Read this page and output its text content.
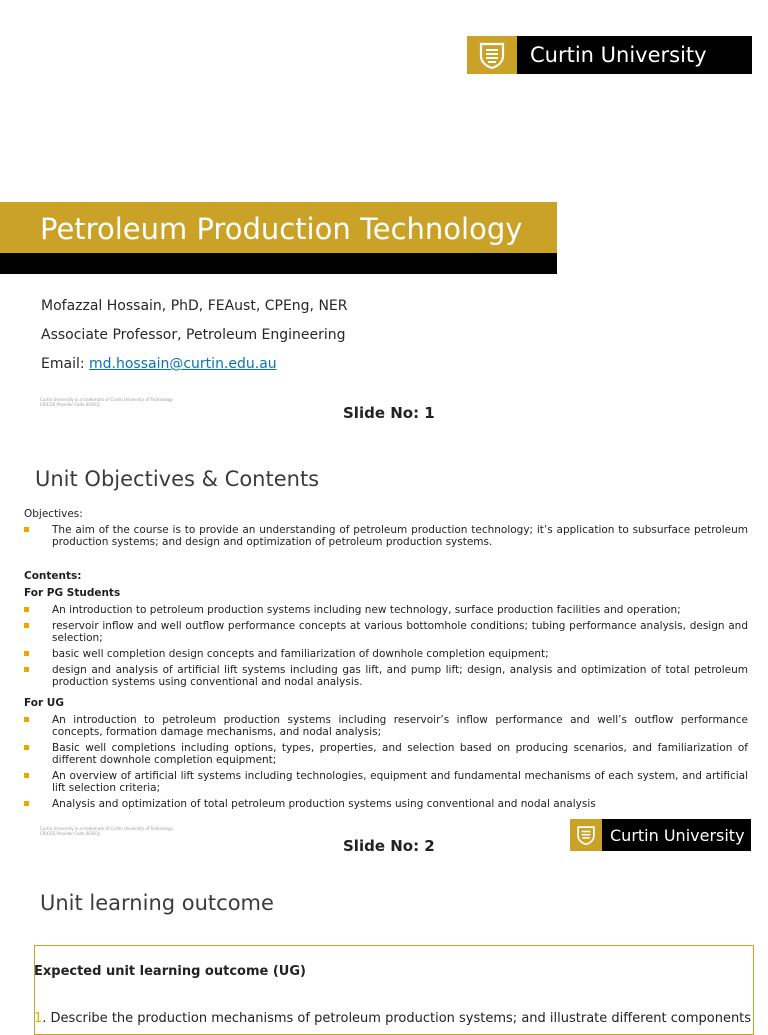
Curtin University
Petroleum Production Technology
Mofazzal Hossain, PhD, FEAust, CPEng, NER
Associate Professor, Petroleum Engineering
Email: md.hossain@curtin.edu.au
Curtin University is a trademark of Curtin University of Technology
CRICOS Provider Code 00301J	Slide No: 1
Unit Objectives & Contents
Objectives:
The aim of the course is to provide an understanding of petroleum production technology; it’s application to subsurface petroleum production systems; and design and optimization of petroleum production systems.
Contents:
For PG Students
An introduction to petroleum production systems including new technology, surface production facilities and operation;
reservoir inflow and well outflow performance concepts at various bottomhole conditions; tubing performance analysis, design and selection;
basic well completion design concepts and familiarization of downhole completion equipment;
design and analysis of artificial lift systems including gas lift, and pump lift; design, analysis and optimization of total petroleum production systems using conventional and nodal analysis.
For UG
An introduction to petroleum production systems including reservoir’s inflow performance and well’s outflow performance concepts, formation damage mechanisms, and nodal analysis;
Basic well completions including options, types, properties, and selection based on producing scenarios, and familiarization of different downhole completion equipment;
An overview of artificial lift systems including technologies, equipment and fundamental mechanisms of each system, and artificial lift selection criteria;
Analysis and optimization of total petroleum production systems using conventional and nodal analysis
Curtin University is a trademark of Curtin University of Technology
CRICOS Provider Code 00301J
Slide No: 2
Curtin University
Unit learning outcome
Expected unit learning outcome (UG)
1. Describe the production mechanisms of petroleum production systems; and illustrate different components
